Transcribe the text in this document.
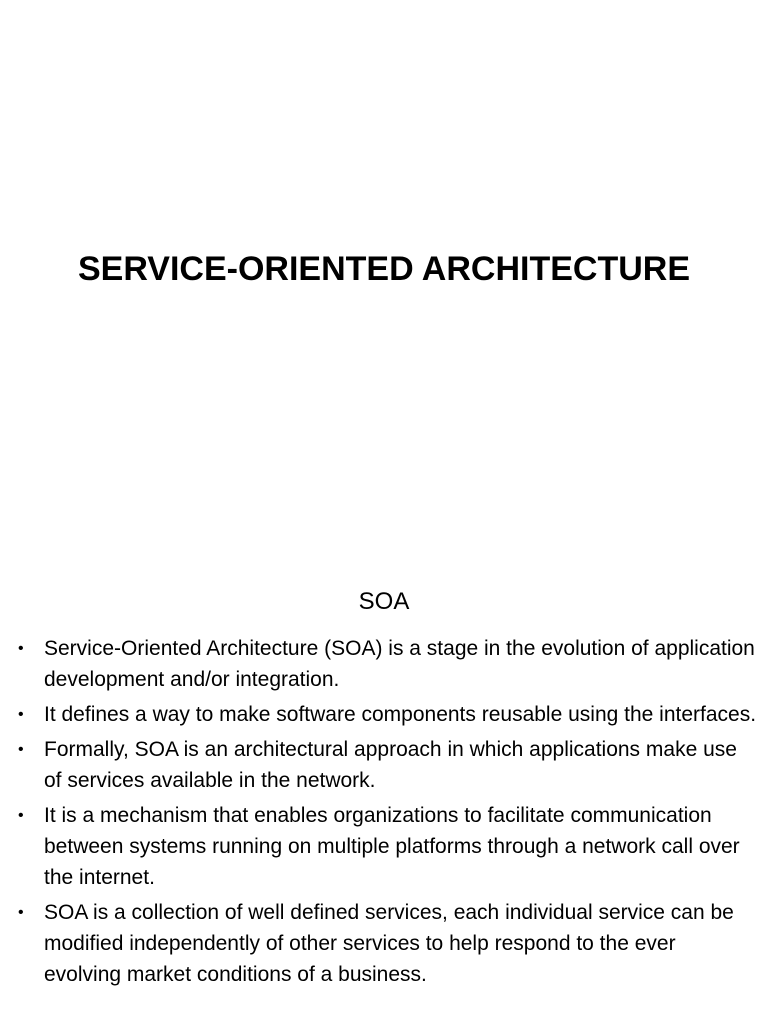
SERVICE-ORIENTED ARCHITECTURE
SOA
• Service-Oriented Architecture (SOA) is a stage in the evolution of application development and/or integration.
• It defines a way to make software components reusable using the interfaces.
• Formally, SOA is an architectural approach in which applications make use of services available in the network.
• It is a mechanism that enables organizations to facilitate communication between systems running on multiple platforms through a network call over the internet.
• SOA is a collection of well defined services, each individual service can be modified independently of other services to help respond to the ever evolving market conditions of a business.
